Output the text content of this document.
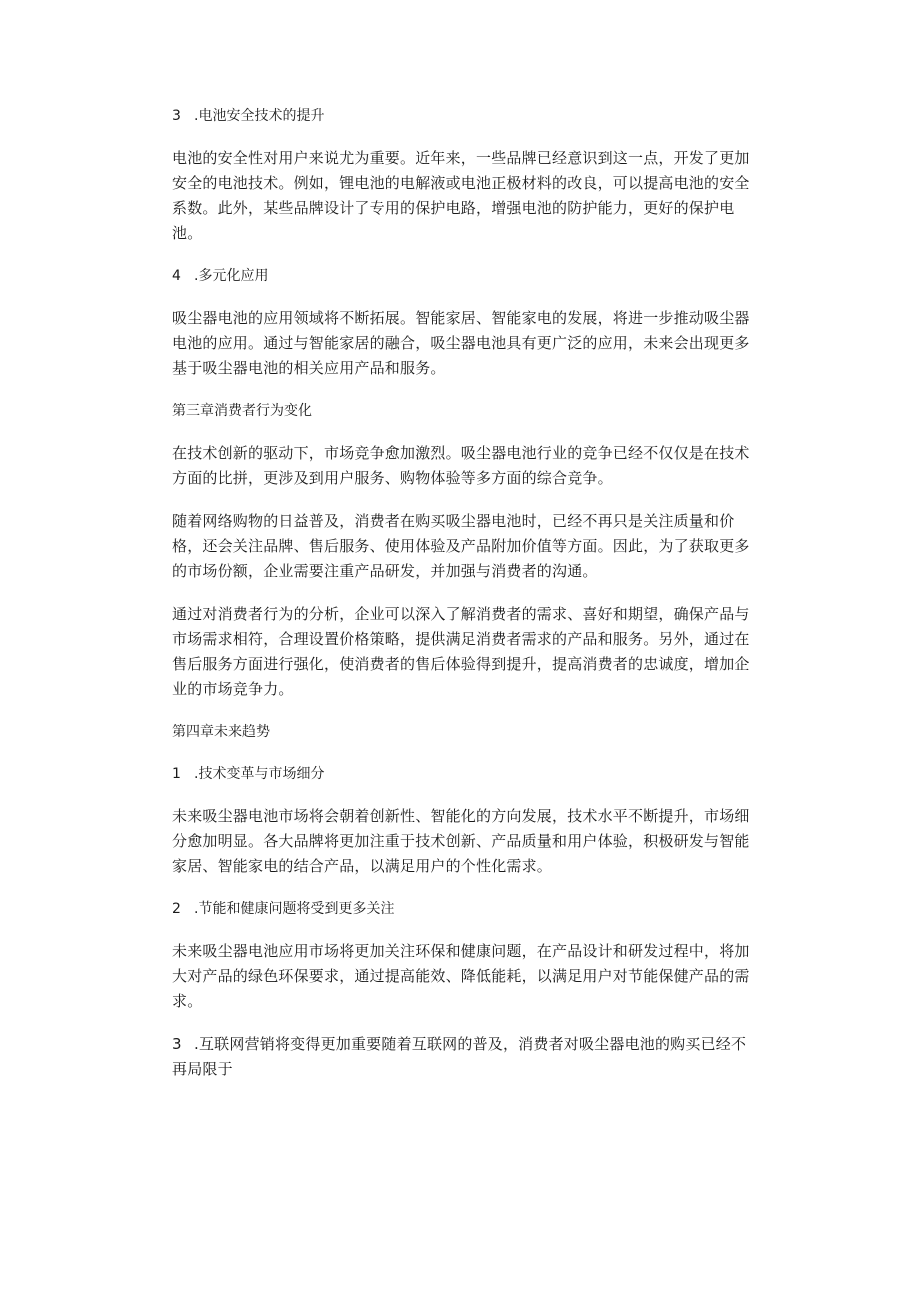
3 .电池安全技术的提升

电池的安全性对用户来说尤为重要。近年来，一些品牌已经意识到这一点，开发了更加安全的电池技术。例如，锂电池的电解液或电池正极材料的改良，可以提高电池的安全系数。此外，某些品牌设计了专用的保护电路，增强电池的防护能力，更好的保护电池。

4 .多元化应用

吸尘器电池的应用领域将不断拓展。智能家居、智能家电的发展，将进一步推动吸尘器电池的应用。通过与智能家居的融合，吸尘器电池具有更广泛的应用，未来会出现更多基于吸尘器电池的相关应用产品和服务。

第三章消费者行为变化

在技术创新的驱动下，市场竞争愈加激烈。吸尘器电池行业的竞争已经不仅仅是在技术方面的比拼，更涉及到用户服务、购物体验等多方面的综合竞争。

随着网络购物的日益普及，消费者在购买吸尘器电池时，已经不再只是关注质量和价格，还会关注品牌、售后服务、使用体验及产品附加价值等方面。因此，为了获取更多的市场份额，企业需要注重产品研发，并加强与消费者的沟通。

通过对消费者行为的分析，企业可以深入了解消费者的需求、喜好和期望，确保产品与市场需求相符，合理设置价格策略，提供满足消费者需求的产品和服务。另外，通过在售后服务方面进行强化，使消费者的售后体验得到提升，提高消费者的忠诚度，增加企业的市场竞争力。

第四章未来趋势

1 .技术变革与市场细分

未来吸尘器电池市场将会朝着创新性、智能化的方向发展，技术水平不断提升，市场细分愈加明显。各大品牌将更加注重于技术创新、产品质量和用户体验，积极研发与智能家居、智能家电的结合产品，以满足用户的个性化需求。

2 .节能和健康问题将受到更多关注

未来吸尘器电池应用市场将更加关注环保和健康问题，在产品设计和研发过程中，将加大对产品的绿色环保要求，通过提高能效、降低能耗，以满足用户对节能保健产品的需求。

3 .互联网营销将变得更加重要随着互联网的普及，消费者对吸尘器电池的购买已经不再局限于
